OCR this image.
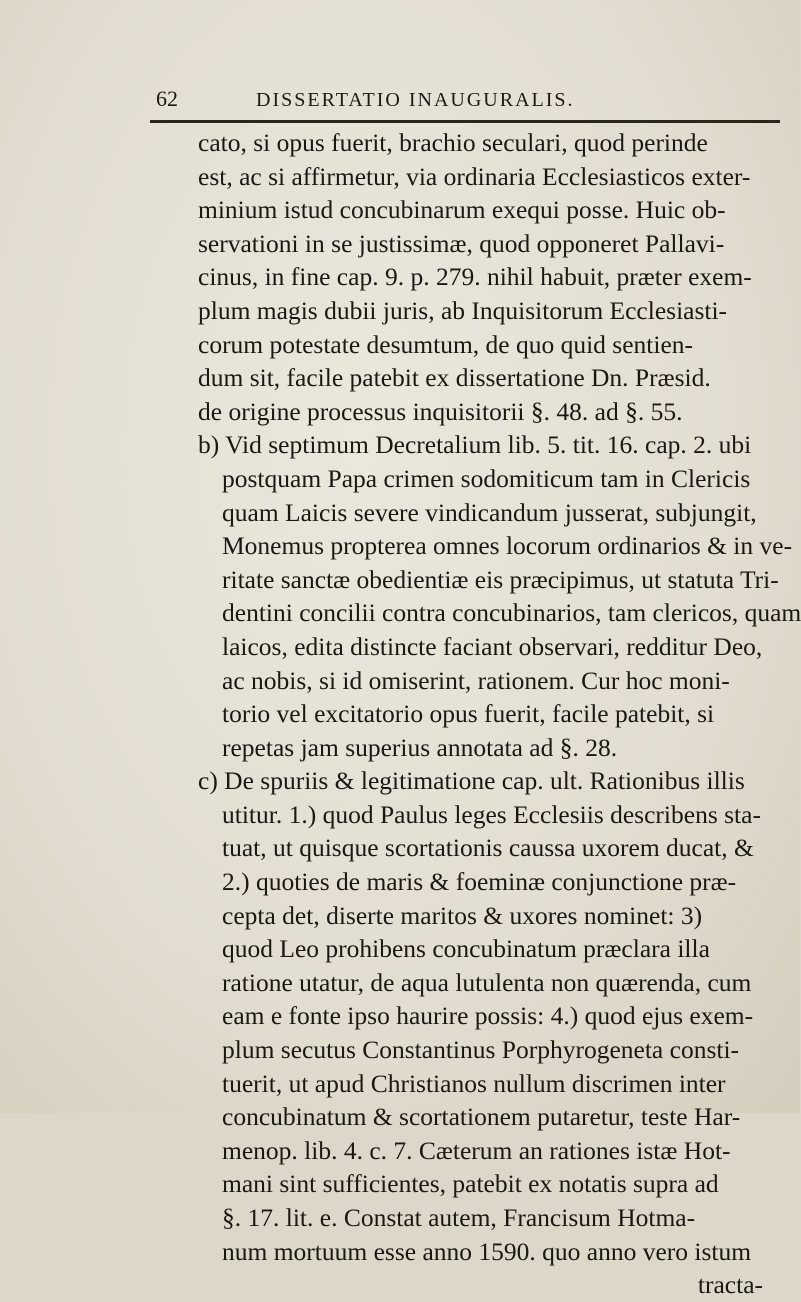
62	DISSERTATIO INAUGURALIS.
cato, si opus fuerit, brachio seculari, quod perinde
est, ac si affirmetur, via ordinaria Ecclesiasticos exter-
minium istud concubinarum exequi posse. Huic ob-
servationi in se justissimæ, quod opponeret Pallavi-
cinus, in fine cap. 9. p. 279. nihil habuit, præter exem-
plum magis dubii juris, ab Inquisitorum Ecclesiasti-
corum potestate desumtum, de quo quid sentien-
dum sit, facile patebit ex dissertatione Dn. Præsid.
de origine processus inquisitorii §. 48. ad §. 55.
b) Vid septimum Decretalium lib. 5. tit. 16. cap. 2. ubi
postquam Papa crimen sodomiticum tam in Clericis
quam Laicis severe vindicandum jusserat, subjungit,
Monemus propterea omnes locorum ordinarios & in ve-
ritate sanctæ obedientiæ eis præcipimus, ut statuta Tri-
dentini concilii contra concubinarios, tam clericos, quam
laicos, edita distincte faciant observari, redditur Deo,
ac nobis, si id omiserint, rationem. Cur hoc moni-
torio vel excitatorio opus fuerit, facile patebit, si
repetas jam superius annotata ad §. 28.
c) De spuriis & legitimatione cap. ult. Rationibus illis
utitur. 1.) quod Paulus leges Ecclesiis describens sta-
tuat, ut quisque scortationis caussa uxorem ducat, &
2.) quoties de maris & foeminæ conjunctione præ-
cepta det, diserte maritos & uxores nominet: 3)
quod Leo prohibens concubinatum præclara illa
ratione utatur, de aqua lutulenta non quærenda, cum
eam e fonte ipso haurire possis: 4.) quod ejus exem-
plum secutus Constantinus Porphyrogeneta consti-
tuerit, ut apud Christianos nullum discrimen inter
concubinatum & scortationem putaretur, teste Har-
menop. lib. 4. c. 7. Cæterum an rationes istæ Hot-
mani sint sufficientes, patebit ex notatis supra ad
§. 17. lit. e. Constat autem, Francisum Hotma-
num mortuum esse anno 1590. quo anno vero istum
tracta-
